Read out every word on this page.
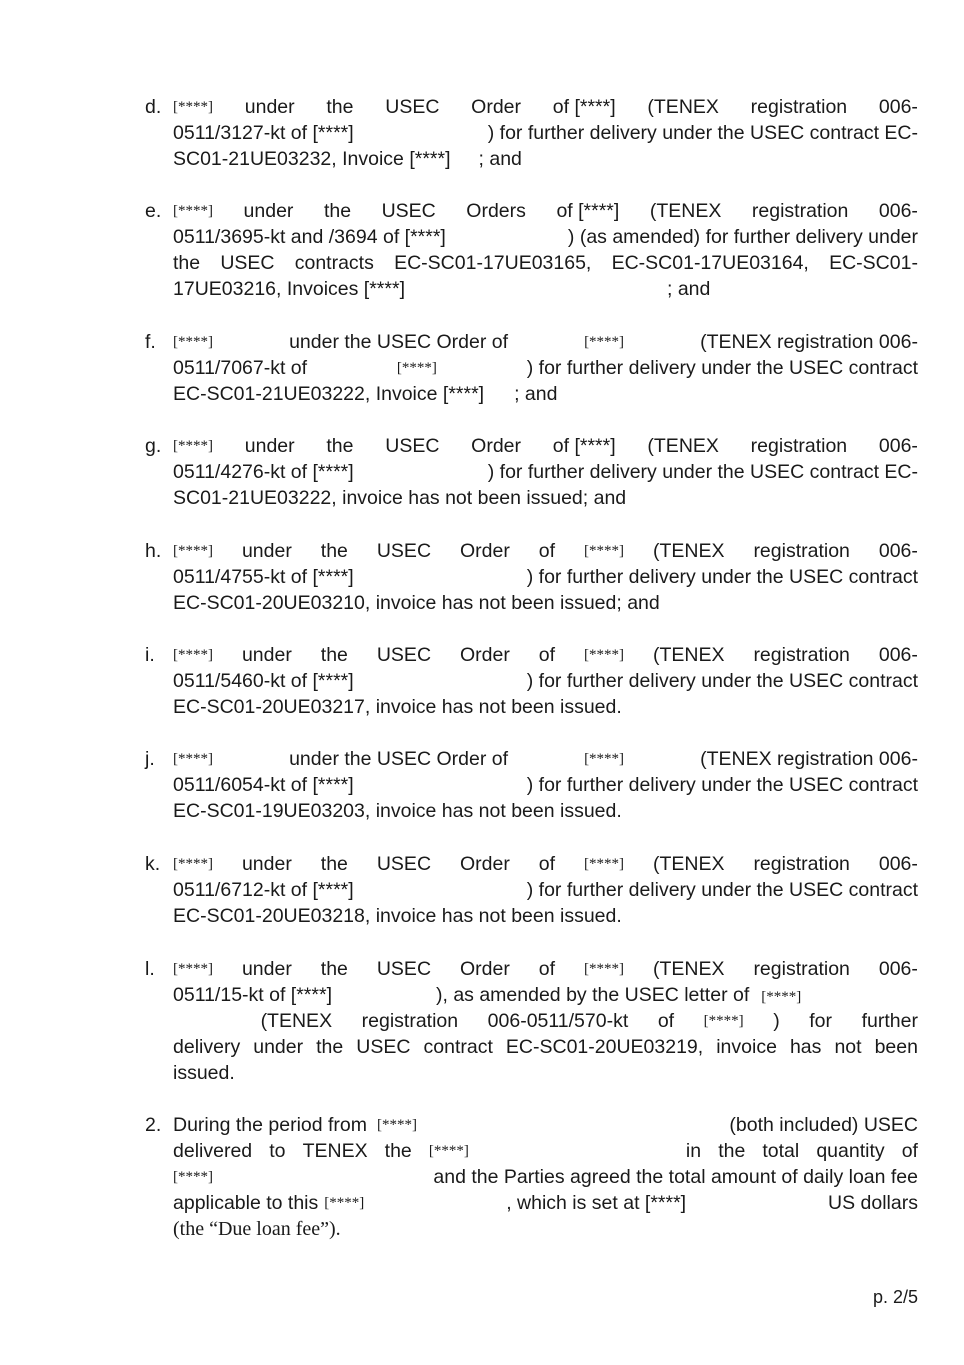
d. [****] under the USEC Order of [****] (TENEX registration 006-
0511/3127-kt of [****]	) for further delivery under the USEC contract EC-
SC01-21UE03232, Invoice [****] ; and
e. [****] under the USEC Orders of [****] (TENEX registration 006-
0511/3695-kt and /3694 of [****]	) (as amended) for further delivery under
the USEC contracts EC-SC01-17UE03165, EC-SC01-17UE03164, EC-SC01-
17UE03216, Invoices [****]	; and
f. [****]	under the USEC Order of	[****]	(TENEX registration 006-
0511/7067-kt of	[****]	) for further delivery under the USEC contract
EC-SC01-21UE03222, Invoice [****] ; and
g. [****] under the USEC Order of [****] (TENEX registration 006-
0511/4276-kt of [****]	) for further delivery under the USEC contract EC-
SC01-21UE03222, invoice has not been issued; and
h. [****] under the USEC Order of [****] (TENEX registration 006-
0511/4755-kt of [****]	) for further delivery under the USEC contract
EC-SC01-20UE03210, invoice has not been issued; and
i. [****] under the USEC Order of [****] (TENEX registration 006-
0511/5460-kt of [****]	) for further delivery under the USEC contract
EC-SC01-20UE03217, invoice has not been issued.
j. [****]	under the USEC Order of	[****]	(TENEX registration 006-
0511/6054-kt of [****]	) for further delivery under the USEC contract
EC-SC01-19UE03203, invoice has not been issued.
k. [****] under the USEC Order of [****] (TENEX registration 006-
0511/6712-kt of [****]	) for further delivery under the USEC contract
EC-SC01-20UE03218, invoice has not been issued.
l. [****] under the USEC Order of [****] (TENEX registration 006-
0511/15-kt of [****]	), as amended by the USEC letter of [****]
(TENEX registration 006-0511/570-kt of [****] ) for further
delivery under the USEC contract EC-SC01-20UE03219, invoice has not been
issued.
2. During the period from [****]	(both included) USEC
delivered to TENEX the [****]	in the total quantity of
[****]	and the Parties agreed the total amount of daily loan fee
applicable to this [****]	, which is set at [****]	US dollars
(the “Due loan fee”).
p. 2/5
